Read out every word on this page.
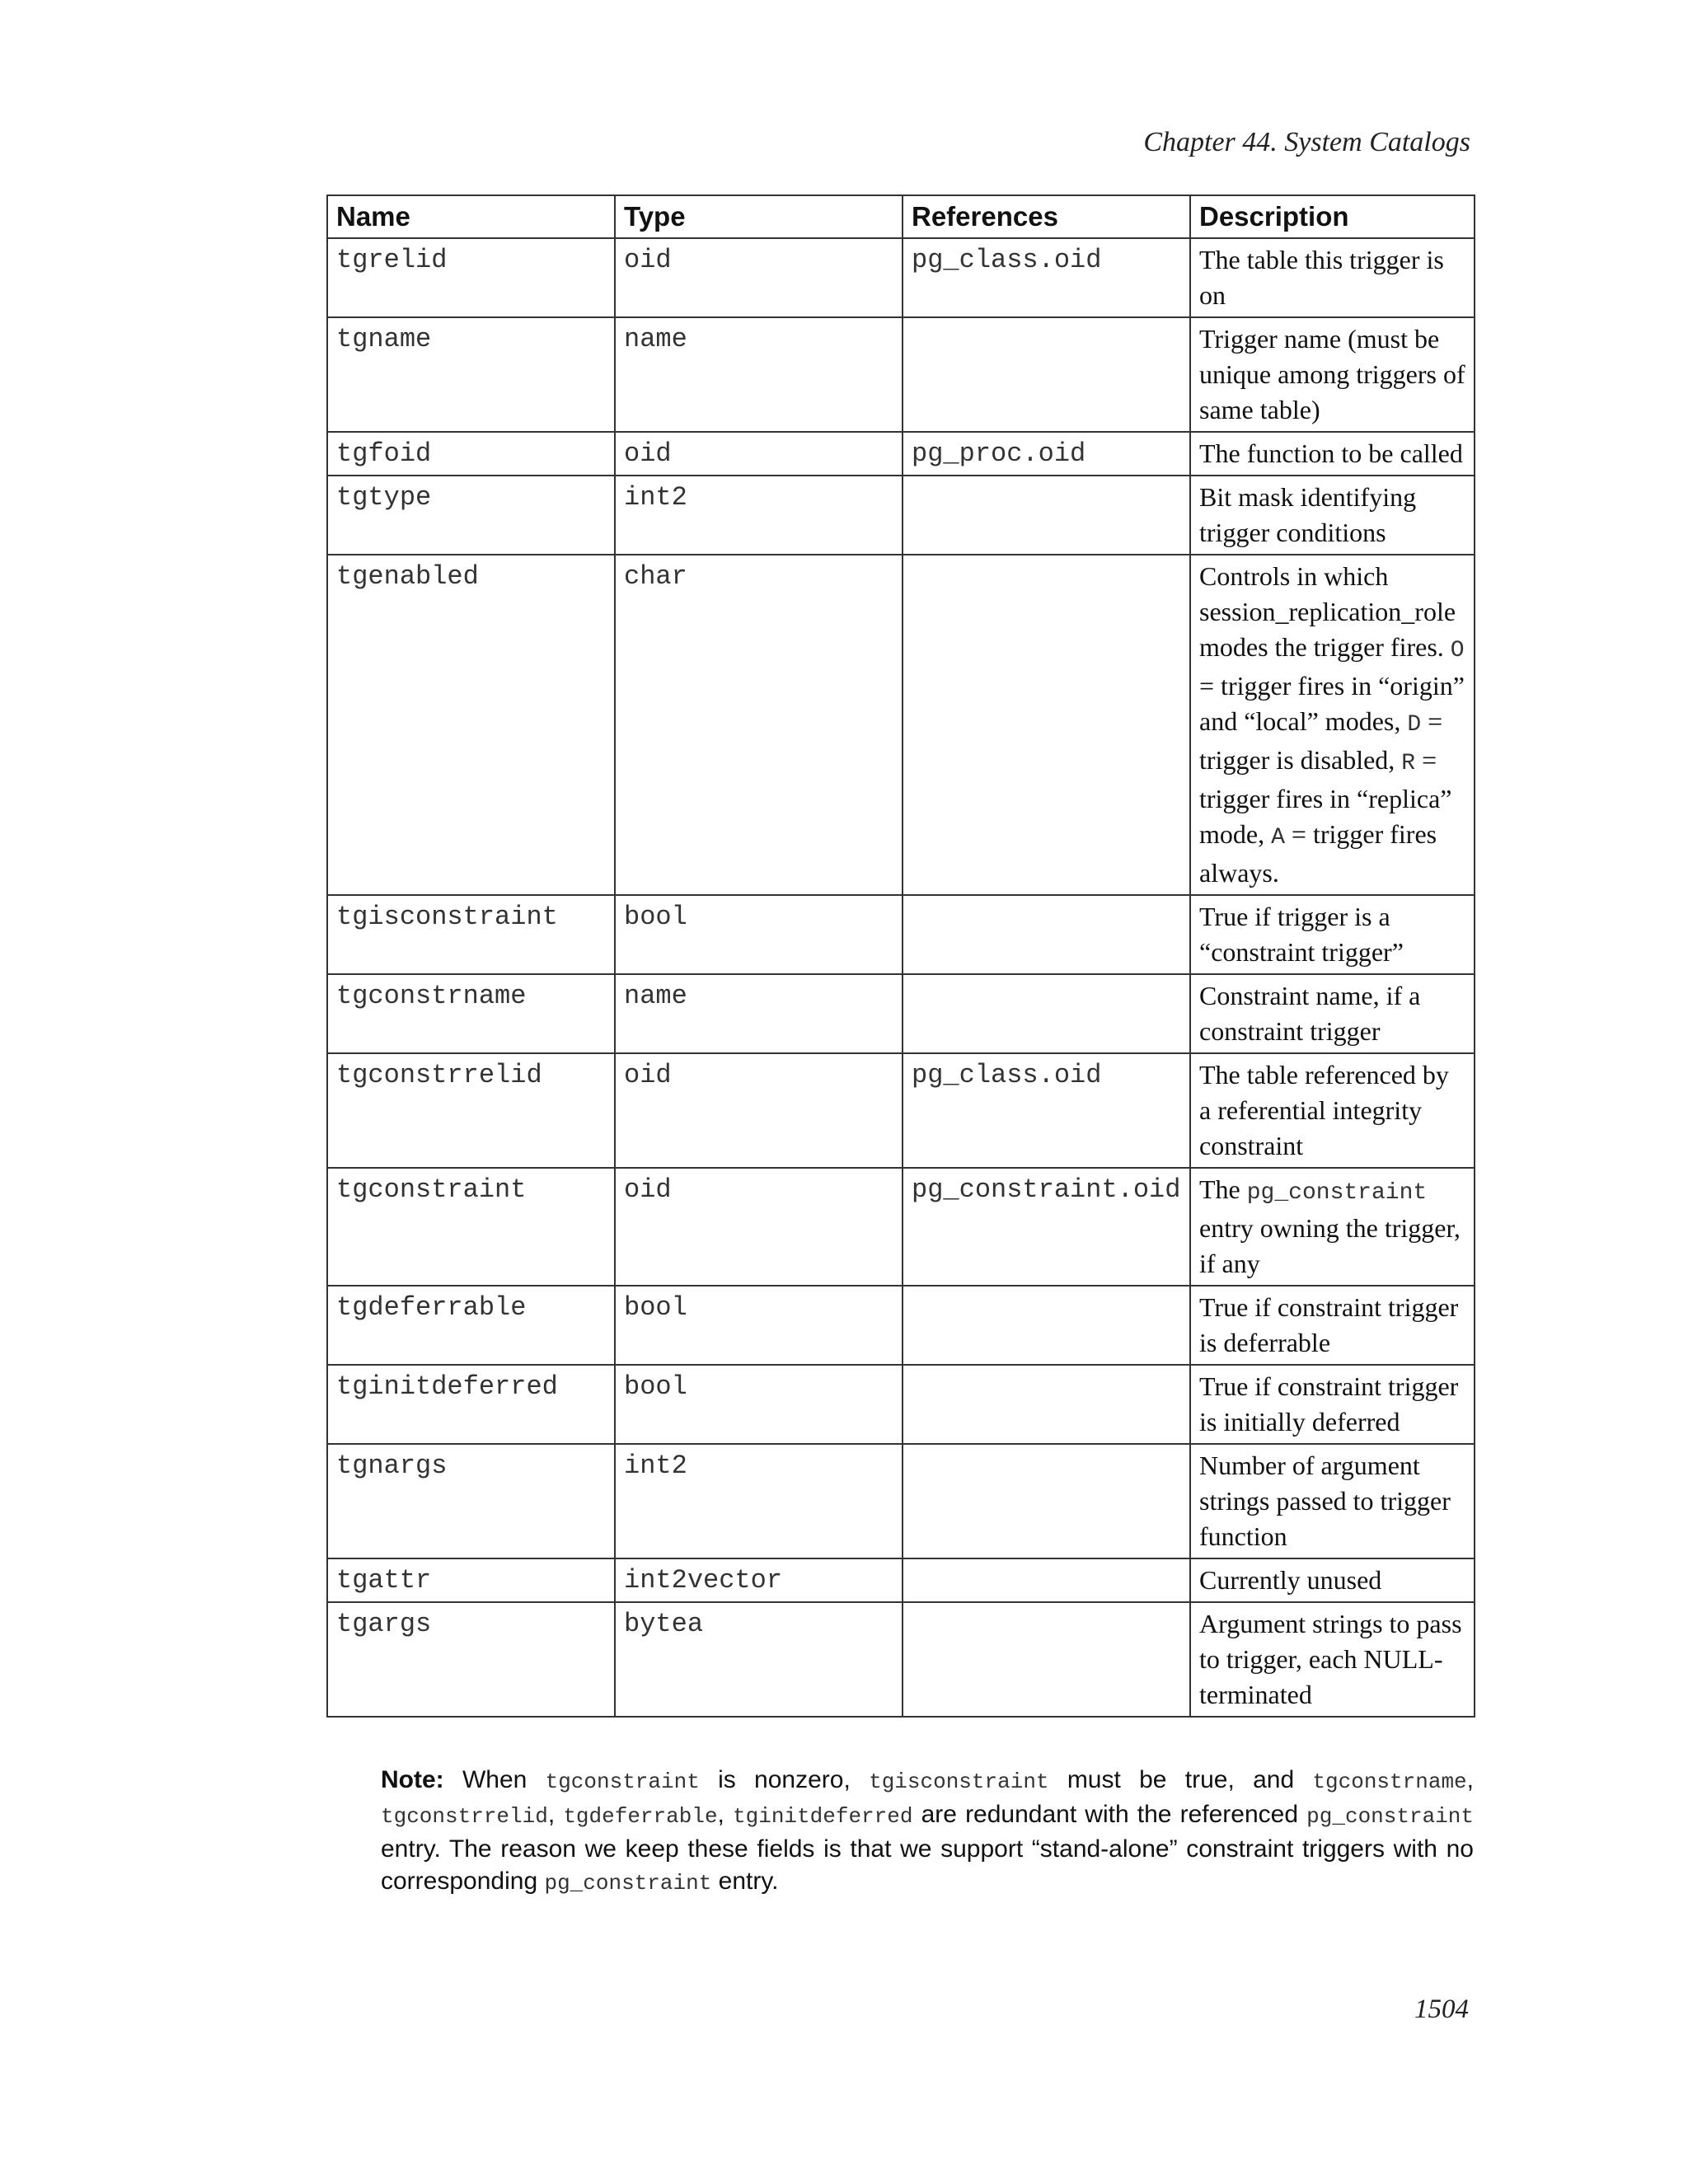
Chapter 44. System Catalogs
Name	Type	References	Description
tgrelid	oid	pg_class.oid	The table this trigger is on
tgname	name		Trigger name (must be unique among triggers of same table)
tgfoid	oid	pg_proc.oid	The function to be called
tgtype	int2		Bit mask identifying trigger conditions
tgenabled	char		Controls in which session_replication_role modes the trigger fires. O = trigger fires in “origin” and “local” modes, D = trigger is disabled, R = trigger fires in “replica” mode, A = trigger fires always.
tgisconstraint	bool		True if trigger is a “constraint trigger”
tgconstrname	name		Constraint name, if a constraint trigger
tgconstrrelid	oid	pg_class.oid	The table referenced by a referential integrity constraint
tgconstraint	oid	pg_constraint.oid	The pg_constraint entry owning the trigger, if any
tgdeferrable	bool		True if constraint trigger is deferrable
tginitdeferred	bool		True if constraint trigger is initially deferred
tgnargs	int2		Number of argument strings passed to trigger function
tgattr	int2vector		Currently unused
tgargs	bytea		Argument strings to pass to trigger, each NULL-terminated
Note: When tgconstraint is nonzero, tgisconstraint must be true, and tgconstrname, tgconstrrelid, tgdeferrable, tginitdeferred are redundant with the referenced pg_constraint entry. The reason we keep these fields is that we support “stand-alone” constraint triggers with no corresponding pg_constraint entry.
1504
